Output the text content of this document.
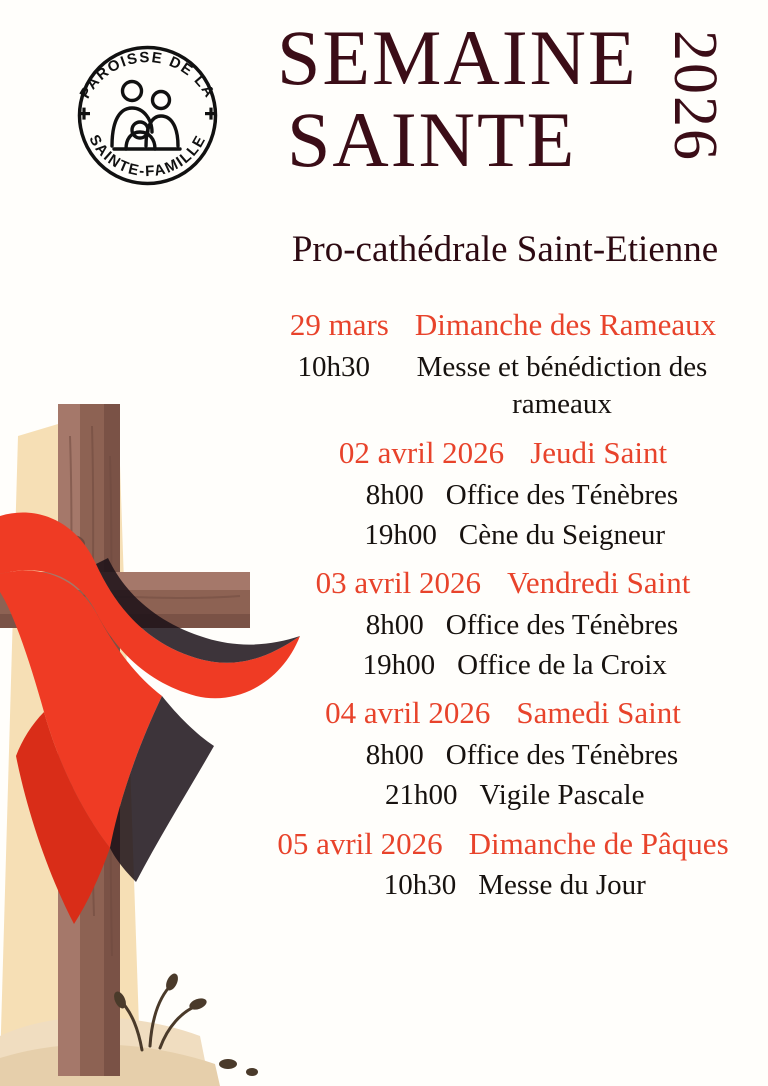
PAROISSE DE LA
SAINTE-FAMILLE
SEMAINE
SAINTE	2026
Pro-cathédrale Saint-Etienne
29 mars Dimanche des Rameaux
10h30	Messe et bénédiction des rameaux
02 avril 2026 Jeudi Saint
8h00 Office des Ténèbres
19h00 Cène du Seigneur
03 avril 2026 Vendredi Saint
8h00 Office des Ténèbres
19h00 Office de la Croix
04 avril 2026 Samedi Saint
8h00 Office des Ténèbres
21h00 Vigile Pascale
05 avril 2026 Dimanche de Pâques
10h30 Messe du Jour
